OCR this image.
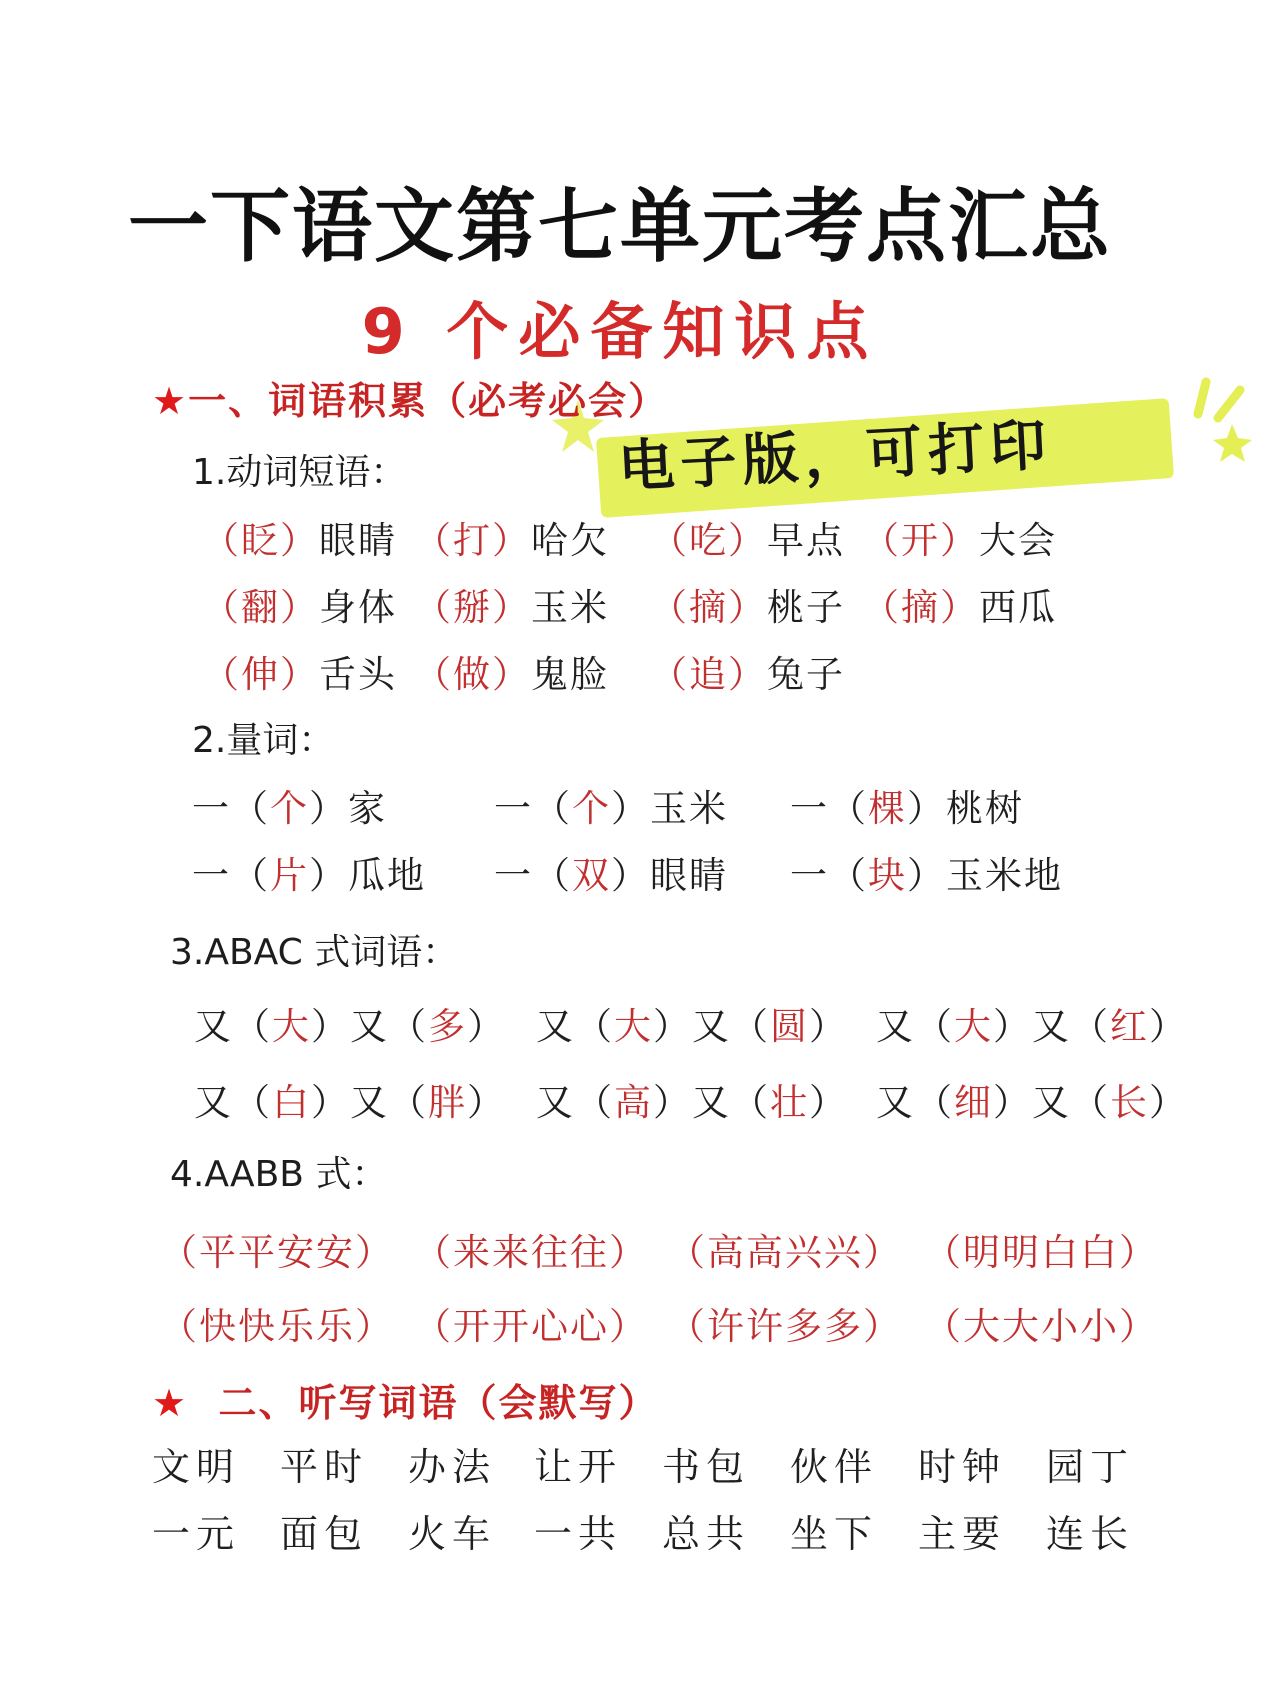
一下语文第七单元考点汇总
9 个必备知识点
电子版，可打印
★一、词语积累（必考必会）
1.动词短语：
（眨）眼睛 （打）哈欠 （吃）早点 （开）大会
（翻）身体 （掰）玉米 （摘）桃子 （摘）西瓜
（伸）舌头 （做）鬼脸 （追）兔子
2.量词：
一（个）家	一（个）玉米 一（棵）桃树
一（片）瓜地 一（双）眼睛 一（块）玉米地
3.ABAC 式词语：
又（大）又（多） 又（大）又（圆） 又（大）又（红）
又（白）又（胖） 又（高）又（壮） 又（细）又（长）
4.AABB 式：
（平平安安） （来来往往） （高高兴兴） （明明白白）
（快快乐乐） （开开心心） （许许多多） （大大小小）
★ 二、听写词语（会默写）
文明 平时 办法 让开 书包 伙伴 时钟 园丁
一元 面包 火车 一共 总共 坐下 主要 连长
